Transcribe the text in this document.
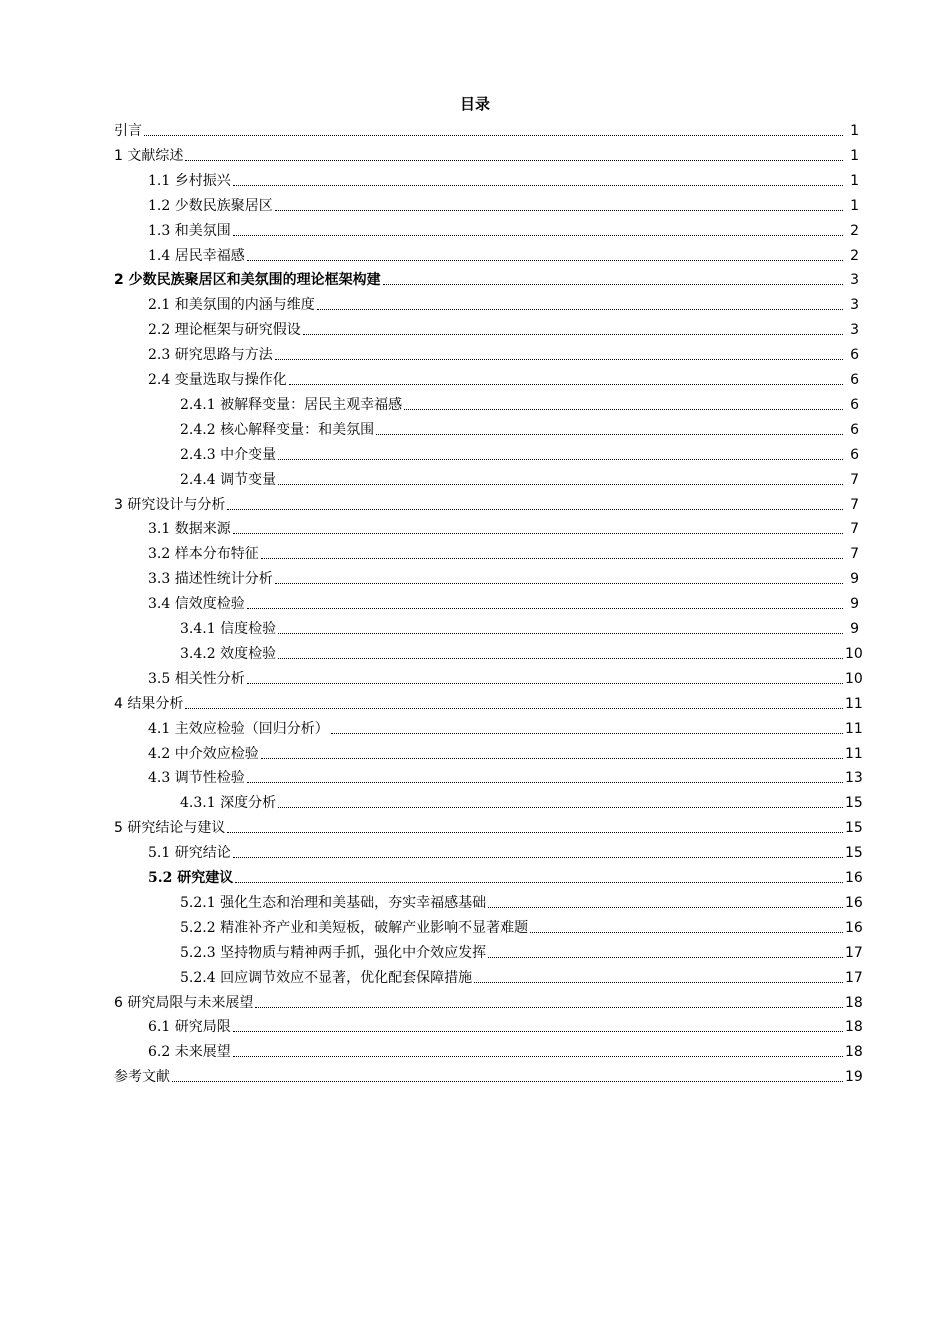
目录
引言	1
1 文献综述	1
1.1 乡村振兴	1
1.2 少数民族聚居区	1
1.3 和美氛围	2
1.4 居民幸福感	2
2 少数民族聚居区和美氛围的理论框架构建	3
2.1 和美氛围的内涵与维度	3
2.2 理论框架与研究假设	3
2.3 研究思路与方法	6
2.4 变量选取与操作化	6
2.4.1 被解释变量：居民主观幸福感	6
2.4.2 核心解释变量：和美氛围	6
2.4.3 中介变量	6
2.4.4 调节变量	7
3 研究设计与分析	7
3.1 数据来源	7
3.2 样本分布特征	7
3.3 描述性统计分析	9
3.4 信效度检验	9
3.4.1 信度检验	9
3.4.2 效度检验	10
3.5 相关性分析	10
4 结果分析	11
4.1 主效应检验（回归分析）	11
4.2 中介效应检验	11
4.3 调节性检验	13
4.3.1 深度分析	15
5 研究结论与建议	15
5.1 研究结论	15
5.2 研究建议	16
5.2.1 强化生态和治理和美基础，夯实幸福感基础	16
5.2.2 精准补齐产业和美短板，破解产业影响不显著难题	16
5.2.3 坚持物质与精神两手抓，强化中介效应发挥	17
5.2.4 回应调节效应不显著，优化配套保障措施	17
6 研究局限与未来展望	18
6.1 研究局限	18
6.2 未来展望	18
参考文献	19
